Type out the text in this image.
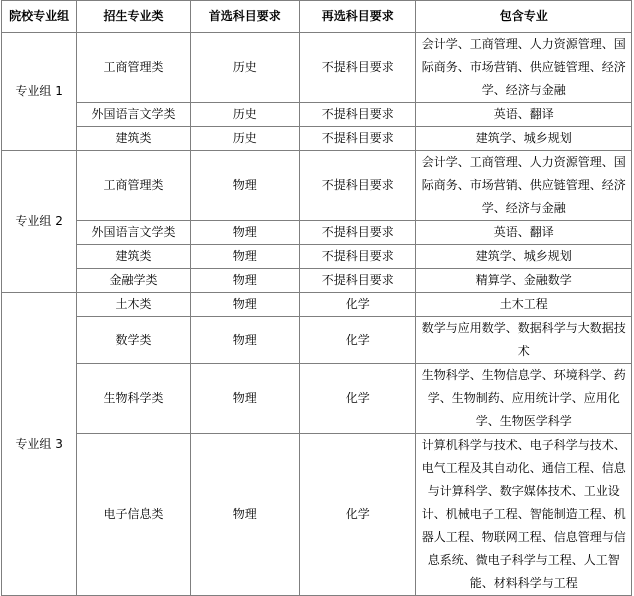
院校专业组	招生专业类	首选科目要求	再选科目要求	包含专业
专业组 1	工商管理类	历史	不提科目要求	会计学、工商管理、人力资源管理、国际商务、市场营销、供应链管理、经济学、经济与金融
	外国语言文学类	历史	不提科目要求	英语、翻译
	建筑类	历史	不提科目要求	建筑学、城乡规划
专业组 2	工商管理类	物理	不提科目要求	会计学、工商管理、人力资源管理、国际商务、市场营销、供应链管理、经济学、经济与金融
	外国语言文学类	物理	不提科目要求	英语、翻译
	建筑类	物理	不提科目要求	建筑学、城乡规划
	金融学类	物理	不提科目要求	精算学、金融数学
专业组 3	土木类	物理	化学	土木工程
	数学类	物理	化学	数学与应用数学、数据科学与大数据技术
	生物科学类	物理	化学	生物科学、生物信息学、环境科学、药学、生物制药、应用统计学、应用化学、生物医学科学
	电子信息类	物理	化学	计算机科学与技术、电子科学与技术、电气工程及其自动化、通信工程、信息与计算科学、数字媒体技术、工业设计、机械电子工程、智能制造工程、机器人工程、物联网工程、信息管理与信息系统、微电子科学与工程、人工智能、材料科学与工程
